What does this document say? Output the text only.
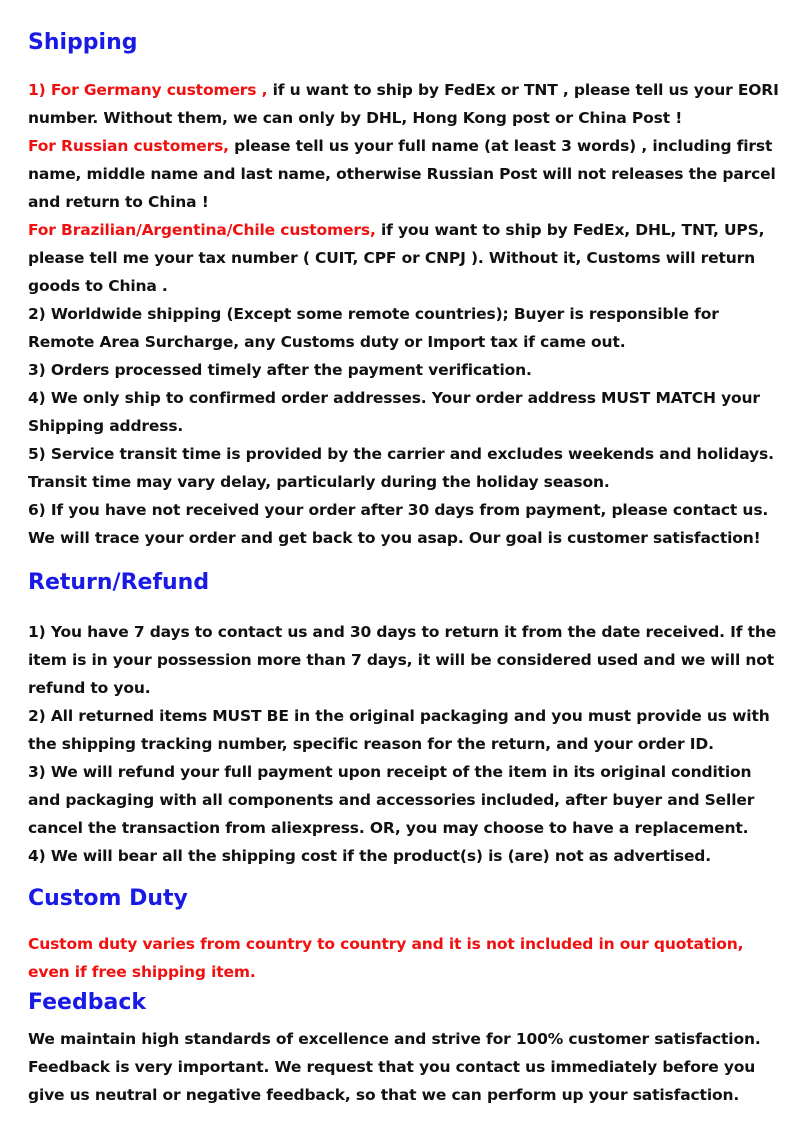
Shipping

1) For Germany customers , if u want to ship by FedEx or TNT , please tell us your EORI number. Without them, we can only by DHL, Hong Kong post or China Post !

For Russian customers, please tell us your full name (at least 3 words) , including first name, middle name and last name, otherwise Russian Post will not releases the parcel and return to China !

For Brazilian/Argentina/Chile customers, if you want to ship by FedEx, DHL, TNT, UPS, please tell me your tax number ( CUIT, CPF or CNPJ ). Without it, Customs will return goods to China .

2) Worldwide shipping (Except some remote countries); Buyer is responsible for Remote Area Surcharge, any Customs duty or Import tax if came out.

3) Orders processed timely after the payment verification.

4) We only ship to confirmed order addresses. Your order address MUST MATCH your Shipping address.

5) Service transit time is provided by the carrier and excludes weekends and holidays. Transit time may vary delay, particularly during the holiday season.

6) If you have not received your order after 30 days from payment, please contact us. We will trace your order and get back to you asap. Our goal is customer satisfaction!

Return/Refund

1) You have 7 days to contact us and 30 days to return it from the date received. If the item is in your possession more than 7 days, it will be considered used and we will not refund to you.

2) All returned items MUST BE in the original packaging and you must provide us with the shipping tracking number, specific reason for the return, and your order ID.

3) We will refund your full payment upon receipt of the item in its original condition and packaging with all components and accessories included, after buyer and Seller cancel the transaction from aliexpress. OR, you may choose to have a replacement.

4) We will bear all the shipping cost if the product(s) is (are) not as advertised.

Custom Duty

Custom duty varies from country to country and it is not included in our quotation, even if free shipping item.

Feedback

We maintain high standards of excellence and strive for 100% customer satisfaction. Feedback is very important. We request that you contact us immediately before you give us neutral or negative feedback, so that we can perform up your satisfaction.
